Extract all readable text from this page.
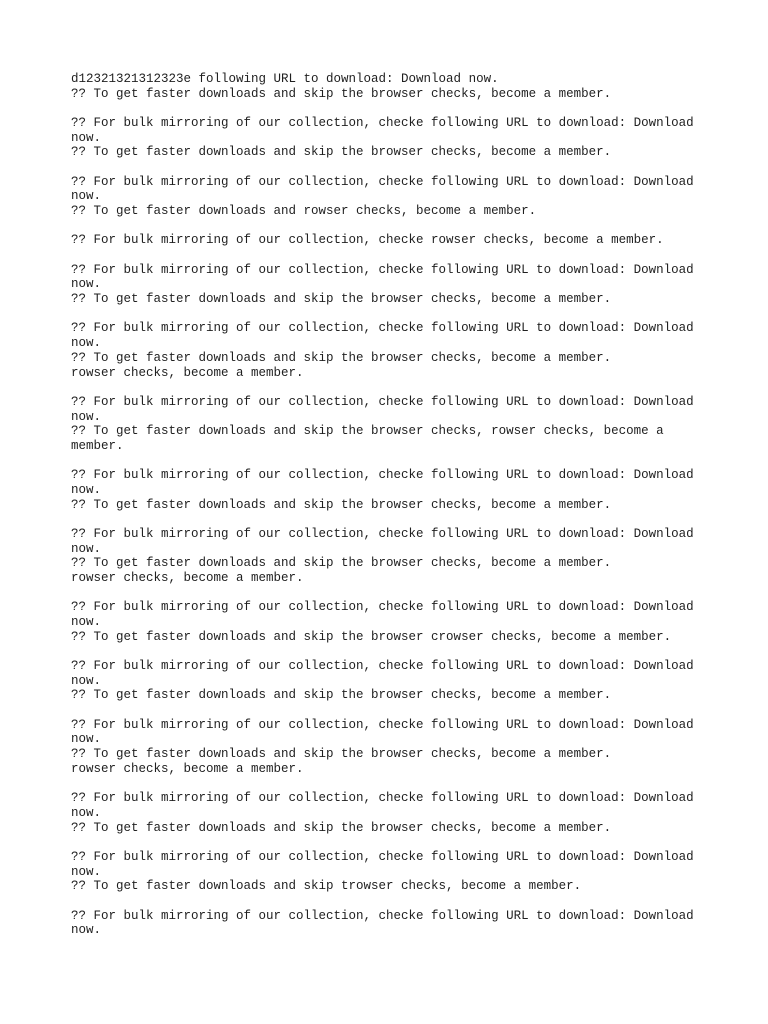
d12321321312323e following URL to download: Download now.
?? To get faster downloads and skip the browser checks, become a member.
?? For bulk mirroring of our collection, checke following URL to download: Download now.
?? To get faster downloads and skip the browser checks, become a member.
?? For bulk mirroring of our collection, checke following URL to download: Download now.
?? To get faster downloads and rowser checks, become a member.
?? For bulk mirroring of our collection, checke rowser checks, become a member.
?? For bulk mirroring of our collection, checke following URL to download: Download now.
?? To get faster downloads and skip the browser checks, become a member.
?? For bulk mirroring of our collection, checke following URL to download: Download now.
?? To get faster downloads and skip the browser checks, become a member.
rowser checks, become a member.
?? For bulk mirroring of our collection, checke following URL to download: Download now.
?? To get faster downloads and skip the browser checks, rowser checks, become a member.
?? For bulk mirroring of our collection, checke following URL to download: Download now.
?? To get faster downloads and skip the browser checks, become a member.
?? For bulk mirroring of our collection, checke following URL to download: Download now.
?? To get faster downloads and skip the browser checks, become a member.
rowser checks, become a member.
?? For bulk mirroring of our collection, checke following URL to download: Download now.
?? To get faster downloads and skip the browser crowser checks, become a member.
?? For bulk mirroring of our collection, checke following URL to download: Download now.
?? To get faster downloads and skip the browser checks, become a member.
?? For bulk mirroring of our collection, checke following URL to download: Download now.
?? To get faster downloads and skip the browser checks, become a member.
rowser checks, become a member.
?? For bulk mirroring of our collection, checke following URL to download: Download now.
?? To get faster downloads and skip the browser checks, become a member.
?? For bulk mirroring of our collection, checke following URL to download: Download now.
?? To get faster downloads and skip trowser checks, become a member.
?? For bulk mirroring of our collection, checke following URL to download: Download now.
